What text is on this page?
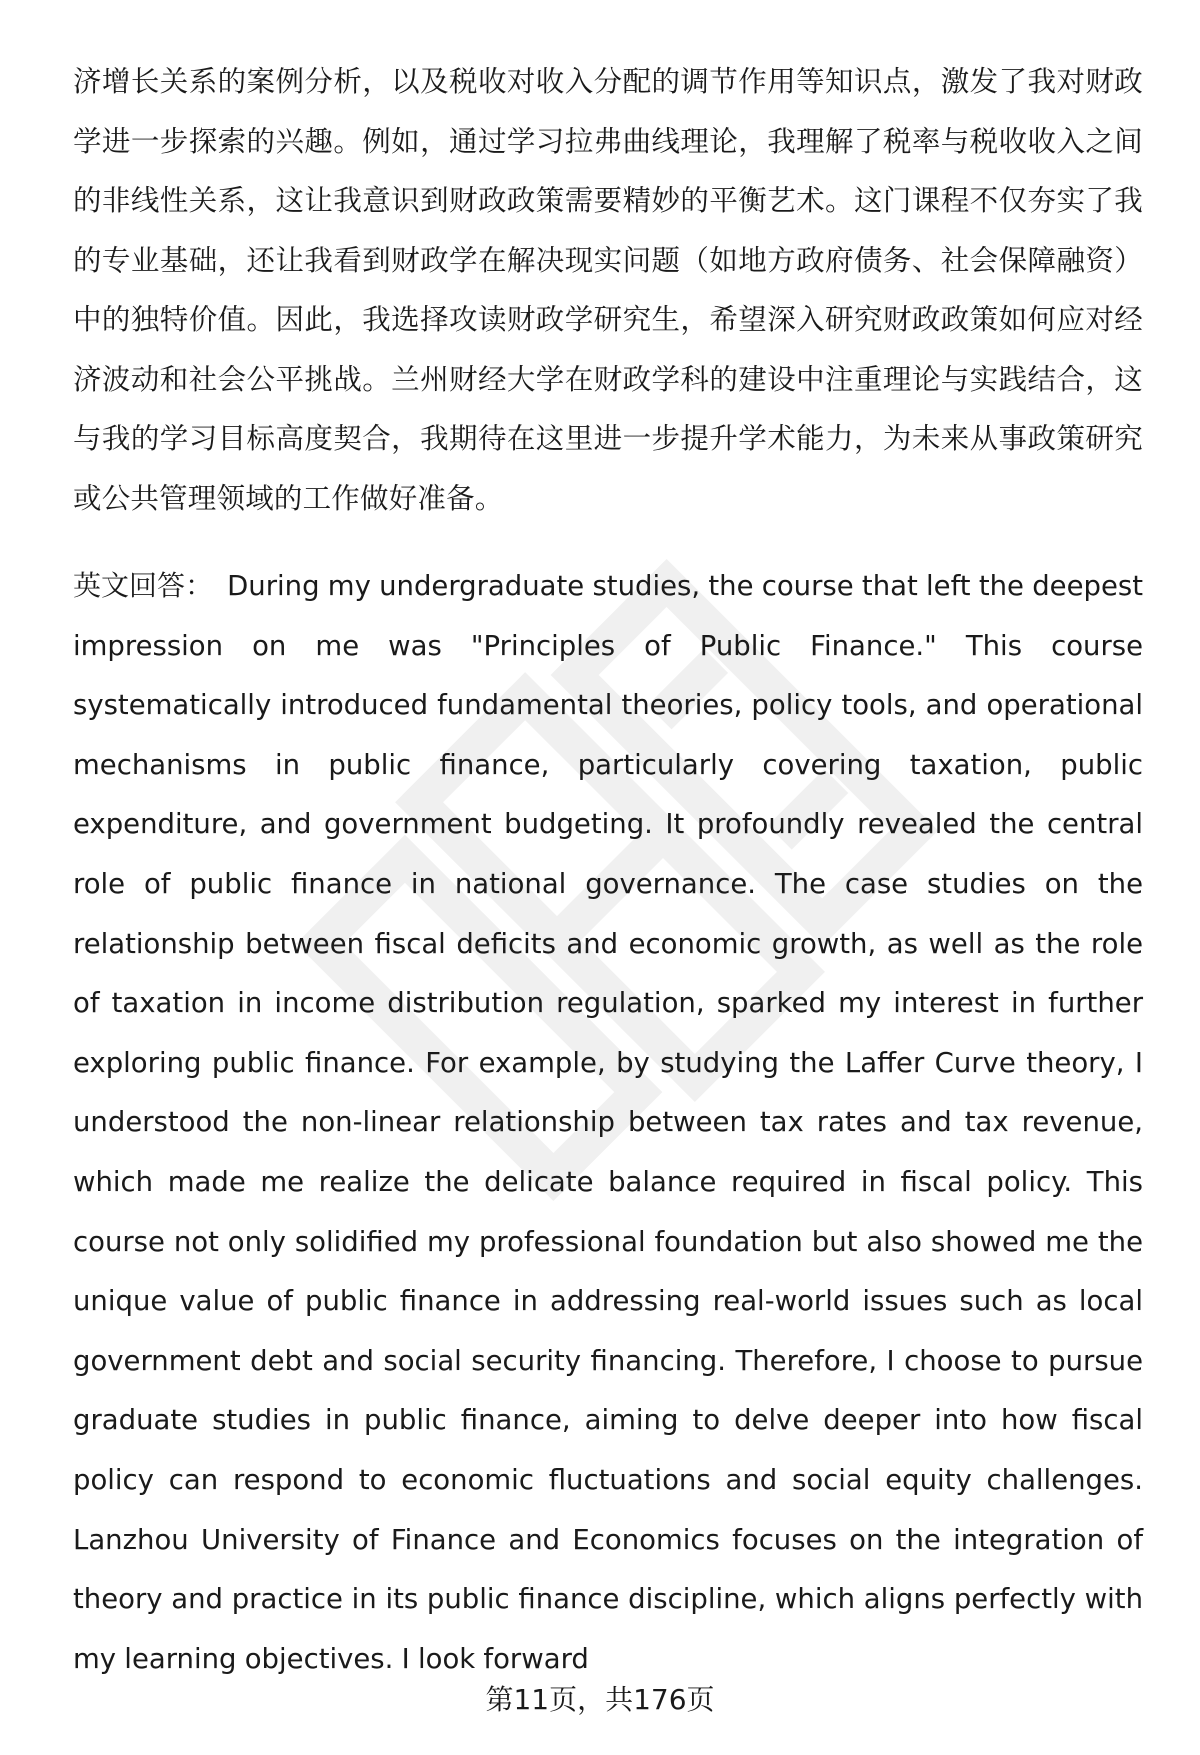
济增长关系的案例分析，以及税收对收入分配的调节作用等知识点，激发了我对财政学进一步探索的兴趣。例如，通过学习拉弗曲线理论，我理解了税率与税收收入之间的非线性关系，这让我意识到财政政策需要精妙的平衡艺术。这门课程不仅夯实了我的专业基础，还让我看到财政学在解决现实问题（如地方政府债务、社会保障融资）中的独特价值。因此，我选择攻读财政学研究生，希望深入研究财政政策如何应对经济波动和社会公平挑战。兰州财经大学在财政学科的建设中注重理论与实践结合，这与我的学习目标高度契合，我期待在这里进一步提升学术能力，为未来从事政策研究或公共管理领域的工作做好准备。

英文回答： During my undergraduate studies, the course that left the deepest impression on me was "Principles of Public Finance." This course systematically introduced fundamental theories, policy tools, and operational mechanisms in public finance, particularly covering taxation, public expenditure, and government budgeting. It profoundly revealed the central role of public finance in national governance. The case studies on the relationship between fiscal deficits and economic growth, as well as the role of taxation in income distribution regulation, sparked my interest in further exploring public finance. For example, by studying the Laffer Curve theory, I understood the non-linear relationship between tax rates and tax revenue, which made me realize the delicate balance required in fiscal policy. This course not only solidified my professional foundation but also showed me the unique value of public finance in addressing real-world issues such as local government debt and social security financing. Therefore, I choose to pursue graduate studies in public finance, aiming to delve deeper into how fiscal policy can respond to economic fluctuations and social equity challenges. Lanzhou University of Finance and Economics focuses on the integration of theory and practice in its public finance discipline, which aligns perfectly with my learning objectives. I look forward

第11页，共176页
